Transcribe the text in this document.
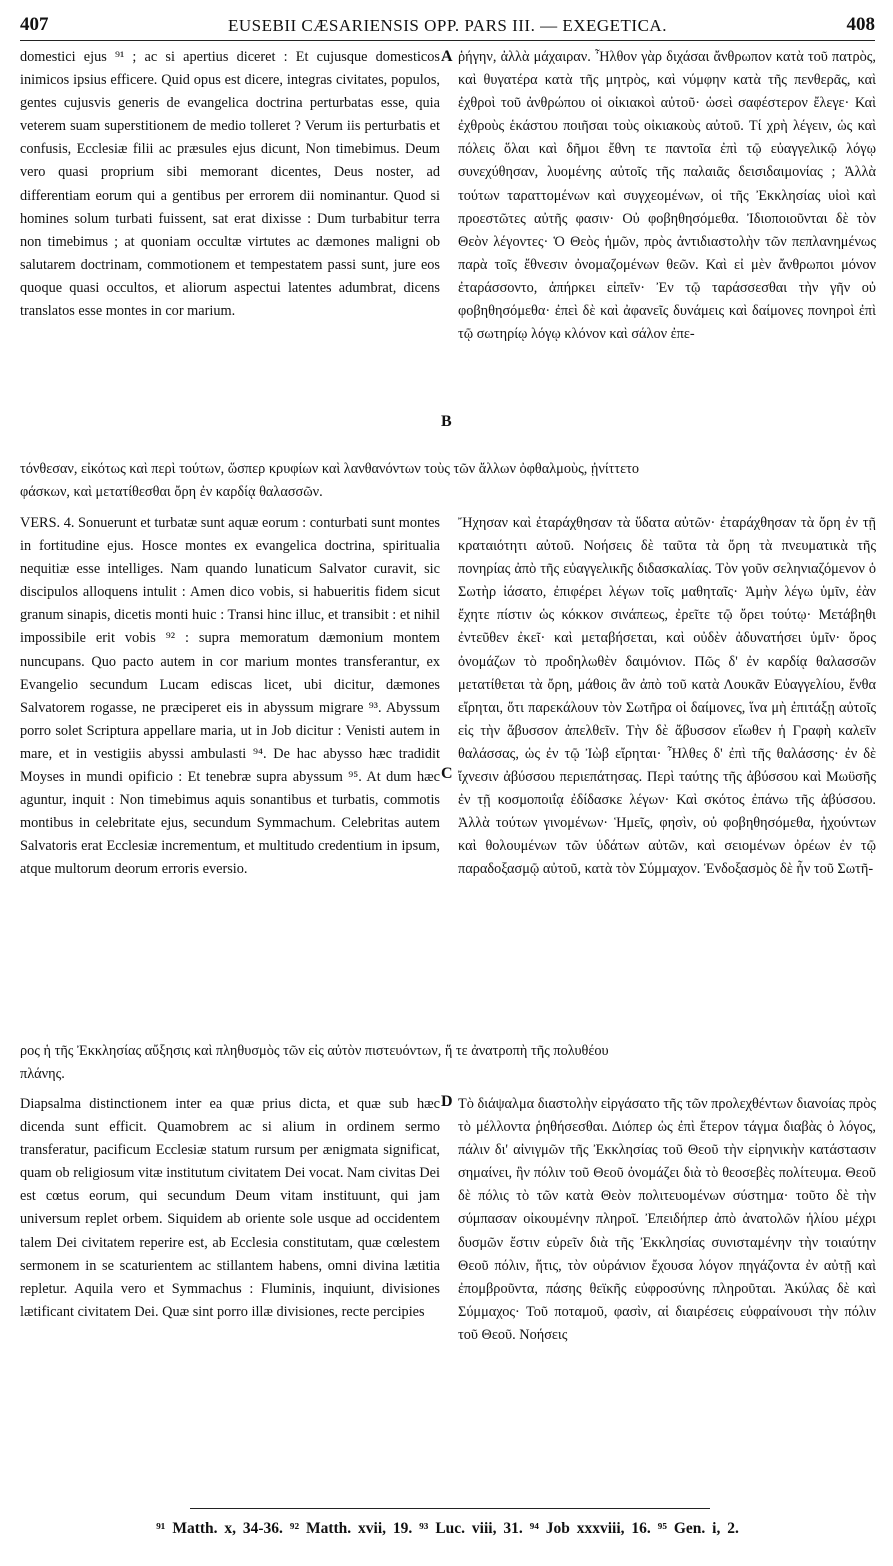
407	EUSEBII CÆSARIENSIS OPP. PARS III. — EXEGETICA.	408
A
B
C
D

domestici ejus ⁹¹ ; ac si apertius diceret : Et cujusque domesticos inimicos ipsius efficere. Quid opus est dicere, integras civitates, populos, gentes cujusvis generis de evangelica doctrina perturbatas esse, quia veterem suam superstitionem de medio tolleret ? Verum iis perturbatis et confusis, Ecclesiæ filii ac præsules ejus dicunt, Non timebimus. Deum vero quasi proprium sibi memorant dicentes, Deus noster, ad differentiam eorum qui a gentibus per errorem dii nominantur. Quod si homines solum turbati fuissent, sat erat dixisse : Dum turbabitur terra non timebimus ; at quoniam occultæ virtutes ac dæmones maligni ob salutarem doctrinam, commotionem et tempestatem passi sunt, jure eos quoque quasi occultos, et aliorum aspectui latentes adumbrat, dicens translatos esse montes in cor marium.

ῥήγην, ἀλλὰ μάχαιραν. Ἦλθον γὰρ διχάσαι ἄνθρωπον κατὰ τοῦ πατρὸς, καὶ θυγατέρα κατὰ τῆς μητρὸς, καὶ νύμφην κατὰ τῆς πενθερᾶς, καὶ ἐχθροὶ τοῦ ἀνθρώπου οἱ οἰκιακοὶ αὐτοῦ· ὡσεὶ σαφέστερον ἔλεγε· Καὶ ἐχθροὺς ἑκάστου ποιῆσαι τοὺς οἰκιακοὺς αὐτοῦ. Τί χρὴ λέγειν, ὡς καὶ πόλεις ὅλαι καὶ δῆμοι ἔθνη τε παντοῖα ἐπὶ τῷ εὐαγγελικῷ λόγῳ συνεχύθησαν, λυομένης αὐτοῖς τῆς παλαιᾶς δεισιδαιμονίας ; Ἀλλὰ τούτων ταραττομένων καὶ συγχεομένων, οἱ τῆς Ἐκκλησίας υἱοὶ καὶ προεστῶτες αὐτῆς φασιν· Οὐ φοβηθησόμεθα. Ἰδιοποιοῦνται δὲ τὸν Θεὸν λέγοντες· Ὁ Θεὸς ἡμῶν, πρὸς ἀντιδιαστολὴν τῶν πεπλανημένως παρὰ τοῖς ἔθνεσιν ὀνομαζομένων θεῶν. Καὶ εἰ μὲν ἄνθρωποι μόνον ἐταράσσοντο, ἀπήρκει εἰπεῖν· Ἐν τῷ ταράσσεσθαι τὴν γῆν οὐ φοβηθησόμεθα· ἐπεὶ δὲ καὶ ἀφανεῖς δυνάμεις καὶ δαίμονες πονηροὶ ἐπὶ τῷ σωτηρίῳ λόγῳ κλόνον καὶ σάλον ἐπε-

τόνθεσαν, εἰκότως καὶ περὶ τούτων, ὥσπερ κρυφίων καὶ λανθανόντων τοὺς τῶν ἄλλων ὀφθαλμοὺς, ᾐνίττετο

φάσκων, καὶ μετατίθεσθαι ὄρη ἐν καρδίᾳ θαλασσῶν.

VERS. 4. Sonuerunt et turbatæ sunt aquæ eorum : conturbati sunt montes in fortitudine ejus. Hosce montes ex evangelica doctrina, spiritualia nequitiæ esse intelliges. Nam quando lunaticum Salvator curavit, sic discipulos alloquens intulit : Amen dico vobis, si habueritis fidem sicut granum sinapis, dicetis monti huic : Transi hinc illuc, et transibit : et nihil impossibile erit vobis ⁹² : supra memoratum dæmonium montem nuncupans. Quo pacto autem in cor marium montes transferantur, ex Evangelio secundum Lucam ediscas licet, ubi dicitur, dæmones Salvatorem rogasse, ne præciperet eis in abyssum migrare ⁹³. Abyssum porro solet Scriptura appellare maria, ut in Job dicitur : Venisti autem in mare, et in vestigiis abyssi ambulasti ⁹⁴. De hac abysso hæc tradidit Moyses in mundi opificio : Et tenebræ supra abyssum ⁹⁵. At dum hæc aguntur, inquit : Non timebimus aquis sonantibus et turbatis, commotis montibus in celebritate ejus, secundum Symmachum. Celebritas autem Salvatoris erat Ecclesiæ incrementum, et multitudo credentium in ipsum, atque multorum deorum erroris eversio.

Ἤχησαν καὶ ἐταράχθησαν τὰ ὕδατα αὐτῶν· ἐταράχθησαν τὰ ὄρη ἐν τῇ κραταιότητι αὐτοῦ. Νοήσεις δὲ ταῦτα τὰ ὄρη τὰ πνευματικὰ τῆς πονηρίας ἀπὸ τῆς εὐαγγελικῆς διδασκαλίας. Τὸν γοῦν σεληνιαζόμενον ὁ Σωτὴρ ἰάσατο, ἐπιφέρει λέγων τοῖς μαθηταῖς· Ἀμὴν λέγω ὑμῖν, ἐὰν ἔχητε πίστιν ὡς κόκκον σινάπεως, ἐρεῖτε τῷ ὄρει τούτῳ· Μετάβηθι ἐντεῦθεν ἐκεῖ· καὶ μεταβήσεται, καὶ οὐδὲν ἀδυνατήσει ὑμῖν· ὄρος ὀνομάζων τὸ προδηλωθὲν δαιμόνιον. Πῶς δ' ἐν καρδίᾳ θαλασσῶν μετατίθεται τὰ ὄρη, μάθοις ἂν ἀπὸ τοῦ κατὰ Λουκᾶν Εὐαγγελίου, ἔνθα εἴρηται, ὅτι παρεκάλουν τὸν Σωτῆρα οἱ δαίμονες, ἵνα μὴ ἐπιτάξῃ αὐτοῖς εἰς τὴν ἄβυσσον ἀπελθεῖν. Τὴν δὲ ἄβυσσον εἴωθεν ἡ Γραφὴ καλεῖν θαλάσσας, ὡς ἐν τῷ Ἰὼβ εἴρηται· Ἦλθες δ' ἐπὶ τῆς θαλάσσης· ἐν δὲ ἴχνεσιν ἀβύσσου περιεπάτησας. Περὶ ταύτης τῆς ἀβύσσου καὶ Μωϋσῆς ἐν τῇ κοσμοποιΐᾳ ἐδίδασκε λέγων· Καὶ σκότος ἐπάνω τῆς ἀβύσσου. Ἀλλὰ τούτων γινομένων· Ἡμεῖς, φησὶν, οὐ φοβηθησόμεθα, ἠχούντων καὶ θολουμένων τῶν ὑδάτων αὐτῶν, καὶ σειομένων ὀρέων ἐν τῷ παραδοξασμῷ αὐτοῦ, κατὰ τὸν Σύμμαχον. Ἐνδοξασμὸς δὲ ἦν τοῦ Σωτῆ-

ρος ἡ τῆς Ἐκκλησίας αὔξησις καὶ πληθυσμὸς τῶν εἰς αὐτὸν πιστευόντων, ἥ τε ἀνατροπὴ τῆς πολυθέου

πλάνης.

Diapsalma distinctionem inter ea quæ prius dicta, et quæ sub hæc dicenda sunt efficit. Quamobrem ac si alium in ordinem sermo transferatur, pacificum Ecclesiæ statum rursum per ænigmata significat, quam ob religiosum vitæ institutum civitatem Dei vocat. Nam civitas Dei est cœtus eorum, qui secundum Deum vitam instituunt, qui jam universum replet orbem. Siquidem ab oriente sole usque ad occidentem talem Dei civitatem reperire est, ab Ecclesia constitutam, quæ cœlestem sermonem in se scaturientem ac stillantem habens, omni divina lætitia repletur. Aquila vero et Symmachus : Fluminis, inquiunt, divisiones lætificant civitatem Dei. Quæ sint porro illæ divisiones, recte percipies

Τὸ διάψαλμα διαστολὴν εἰργάσατο τῆς τῶν προλεχθέντων διανοίας πρὸς τὸ μέλλοντα ῥηθήσεσθαι. Διόπερ ὡς ἐπὶ ἕτερον τάγμα διαβὰς ὁ λόγος, πάλιν δι' αἰνιγμῶν τῆς Ἐκκλησίας τοῦ Θεοῦ τὴν εἰρηνικὴν κατάστασιν σημαίνει, ἣν πόλιν τοῦ Θεοῦ ὀνομάζει διὰ τὸ θεοσεβὲς πολίτευμα. Θεοῦ δὲ πόλις τὸ τῶν κατὰ Θεὸν πολιτευομένων σύστημα· τοῦτο δὲ τὴν σύμπασαν οἰκουμένην πληροῖ. Ἐπειδήπερ ἀπὸ ἀνατολῶν ἡλίου μέχρι δυσμῶν ἔστιν εὑρεῖν διὰ τῆς Ἐκκλησίας συνισταμένην τὴν τοιαύτην Θεοῦ πόλιν, ἥτις, τὸν οὐράνιον ἔχουσα λόγον πηγάζοντα ἐν αὐτῇ καὶ ἐπομβροῦντα, πάσης θεϊκῆς εὐφροσύνης πληροῦται. Ἀκύλας δὲ καὶ Σύμμαχος· Τοῦ ποταμοῦ, φασὶν, αἱ διαιρέσεις εὐφραίνουσι τὴν πόλιν τοῦ Θεοῦ. Νοήσεις

⁹¹ Matth. x, 34-36. ⁹² Matth. xvii, 19. ⁹³ Luc. viii, 31. ⁹⁴ Job xxxviii, 16. ⁹⁵ Gen. i, 2.
